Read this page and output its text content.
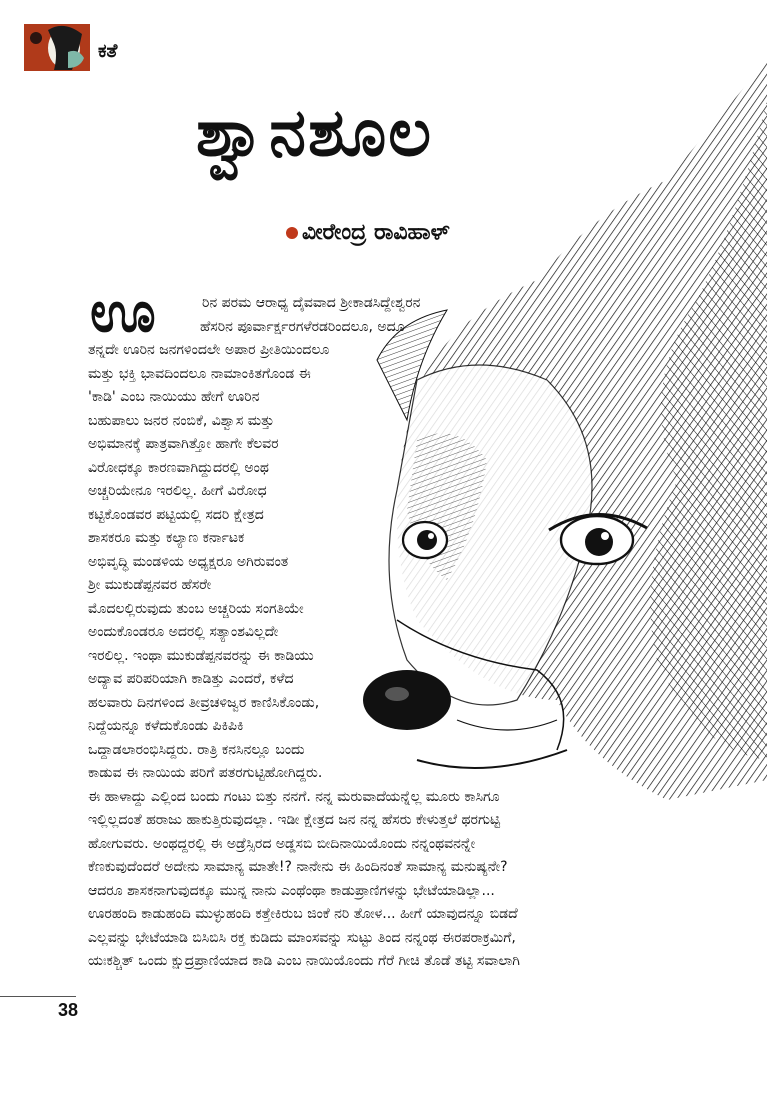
ಕತೆ
ಶ್ವಾನಶೂಲ
ವೀರೇಂದ್ರ ರಾವಿಹಾಳ್
ಊ	ರಿನ ಪರಮ ಆರಾಧ್ಯ ದೈವವಾದ ಶ್ರೀಕಾಡಸಿದ್ದೇಶ್ವರನ
ಹೆಸರಿನ ಪೂರ್ವಾರ್ಕ್ಷರಗಳೆರಡರಿಂದಲೂ, ಅದೂ
ತನ್ನದೇ ಊರಿನ ಜನಗಳಿಂದಲೇ ಅಪಾರ ಪ್ರೀತಿಯಿಂದಲೂ
ಮತ್ತು ಭಕ್ತಿ ಭಾವದಿಂದಲೂ ನಾಮಾಂಕಿತಗೊಂಡ ಈ
'ಕಾಡಿ' ಎಂಬ ನಾಯಿಯು ಹೇಗೆ ಊರಿನ
ಬಹುಪಾಲು ಜನರ ನಂಬಿಕೆ, ವಿಶ್ವಾಸ ಮತ್ತು
ಅಭಿಮಾನಕ್ಕೆ ಪಾತ್ರವಾಗಿತ್ತೋ ಹಾಗೇ ಕೆಲವರ
ವಿರೋಧಕ್ಕೂ ಕಾರಣವಾಗಿದ್ದುದರಲ್ಲಿ ಅಂಥ
ಅಚ್ಚರಿಯೇನೂ ಇರಲಿಲ್ಲ. ಹೀಗೆ ವಿರೋಧ
ಕಟ್ಟಿಕೊಂಡವರ ಪಟ್ಟಿಯಲ್ಲಿ ಸದರಿ ಕ್ಷೇತ್ರದ
ಶಾಸಕರೂ ಮತ್ತು ಕಲ್ಯಾಣ ಕರ್ನಾಟಕ
ಅಭಿವೃದ್ಧಿ ಮಂಡಳಿಯ ಅಧ್ಯಕ್ಷರೂ ಅಗಿರುವಂತ
ಶ್ರೀ ಮುಕುಡೆಪ್ಪನವರ ಹೆಸರೇ
ಮೊದಲಲ್ಲಿರುವುದು ತುಂಬ ಅಚ್ಚರಿಯ ಸಂಗತಿಯೇ
ಅಂದುಕೊಂಡರೂ ಅದರಲ್ಲಿ ಸತ್ಯಾಂಶವಿಲ್ಲದೇ
ಇರಲಿಲ್ಲ. ಇಂಥಾ ಮುಕುಡೆಪ್ಪನವರನ್ನು ಈ ಕಾಡಿಯು
ಅದ್ಯಾವ ಪರಿಪರಿಯಾಗಿ ಕಾಡಿತ್ತು ಎಂದರೆ, ಕಳೆದ
ಹಲವಾರು ದಿನಗಳಿಂದ ತೀವ್ರಚಳಿಜ್ವರ ಕಾಣಿಸಿಕೊಂಡು,
ನಿದ್ದೆಯನ್ನೂ ಕಳೆದುಕೊಂಡು ಪಿಕಿಪಿಕಿ
ಒದ್ದಾಡಲಾರಂಭಿಸಿದ್ದರು. ರಾತ್ರಿ ಕನಸಿನಲ್ಲೂ ಬಂದು
ಕಾಡುವ ಈ ನಾಯಿಯ ಪರಿಗೆ ಪತರಗುಟ್ಟಿಹೋಗಿದ್ದರು.
ಈ ಹಾಳಾದ್ದು ಎಲ್ಲಿಂದ ಬಂದು ಗಂಟು ಬಿತ್ತು ನನಗೆ. ನನ್ನ ಮರುವಾದೆಯನ್ನೆಲ್ಲ ಮೂರು ಕಾಸಿಗೂ
ಇಲ್ಲಿಲ್ಲದಂತೆ ಹರಾಜು ಹಾಕುತ್ತಿರುವುದಲ್ಲಾ. ಇಡೀ ಕ್ಷೇತ್ರದ ಜನ ನನ್ನ ಹೆಸರು ಕೇಳುತ್ತಲೆ ಥರಗುಟ್ಟಿ
ಹೋಗುವರು. ಅಂಥದ್ದರಲ್ಲಿ ಈ ಅಡ್ರೆಸ್ಸಿರದ ಅಡ್ಡಸಬಿ ಬೀದಿನಾಯಿಯೊಂದು ನನ್ನಂಥವನನ್ನೇ
ಕೆಣಕುವುದೆಂದರೆ ಅದೇನು ಸಾಮಾನ್ಯ ಮಾತೇ!? ನಾನೇನು ಈ ಹಿಂದಿನಂತೆ ಸಾಮಾನ್ಯ ಮನುಷ್ಯನೇ?
ಆದರೂ ಶಾಸಕನಾಗುವುದಕ್ಕೂ ಮುನ್ನ ನಾನು ಎಂಥೆಂಥಾ ಕಾಡುಪ್ರಾಣಿಗಳನ್ನು ಭೇಟೆಯಾಡಿಲ್ಲಾ...
ಊರಹಂದಿ ಕಾಡುಹಂದಿ ಮುಳ್ಳುಹಂದಿ ಕತ್ತೇಕಿರುಬ ಜಿಂಕೆ ನರಿ ತೋಳ... ಹೀಗೆ ಯಾವುದನ್ನೂ ಬಿಡದೆ
ಎಲ್ಲವನ್ನು ಭೇಟೆಯಾಡಿ ಬಿಸಿಬಿಸಿ ರಕ್ತ ಕುಡಿದು ಮಾಂಸವನ್ನು ಸುಟ್ಟು ತಿಂದ ನನ್ನಂಥ ಈರಪರಾಕ್ರಮಿಗೆ,
ಯಃಕಶ್ಚಿತ್ ಒಂದು ಕ್ಷುದ್ರಪ್ರಾಣಿಯಾದ ಕಾಡಿ ಎಂಬ ನಾಯಿಯೊಂದು ಗೆರೆ ಗೀಚಿ ತೊಡೆ ತಟ್ಟಿ ಸವಾಲಾಗಿ
38
